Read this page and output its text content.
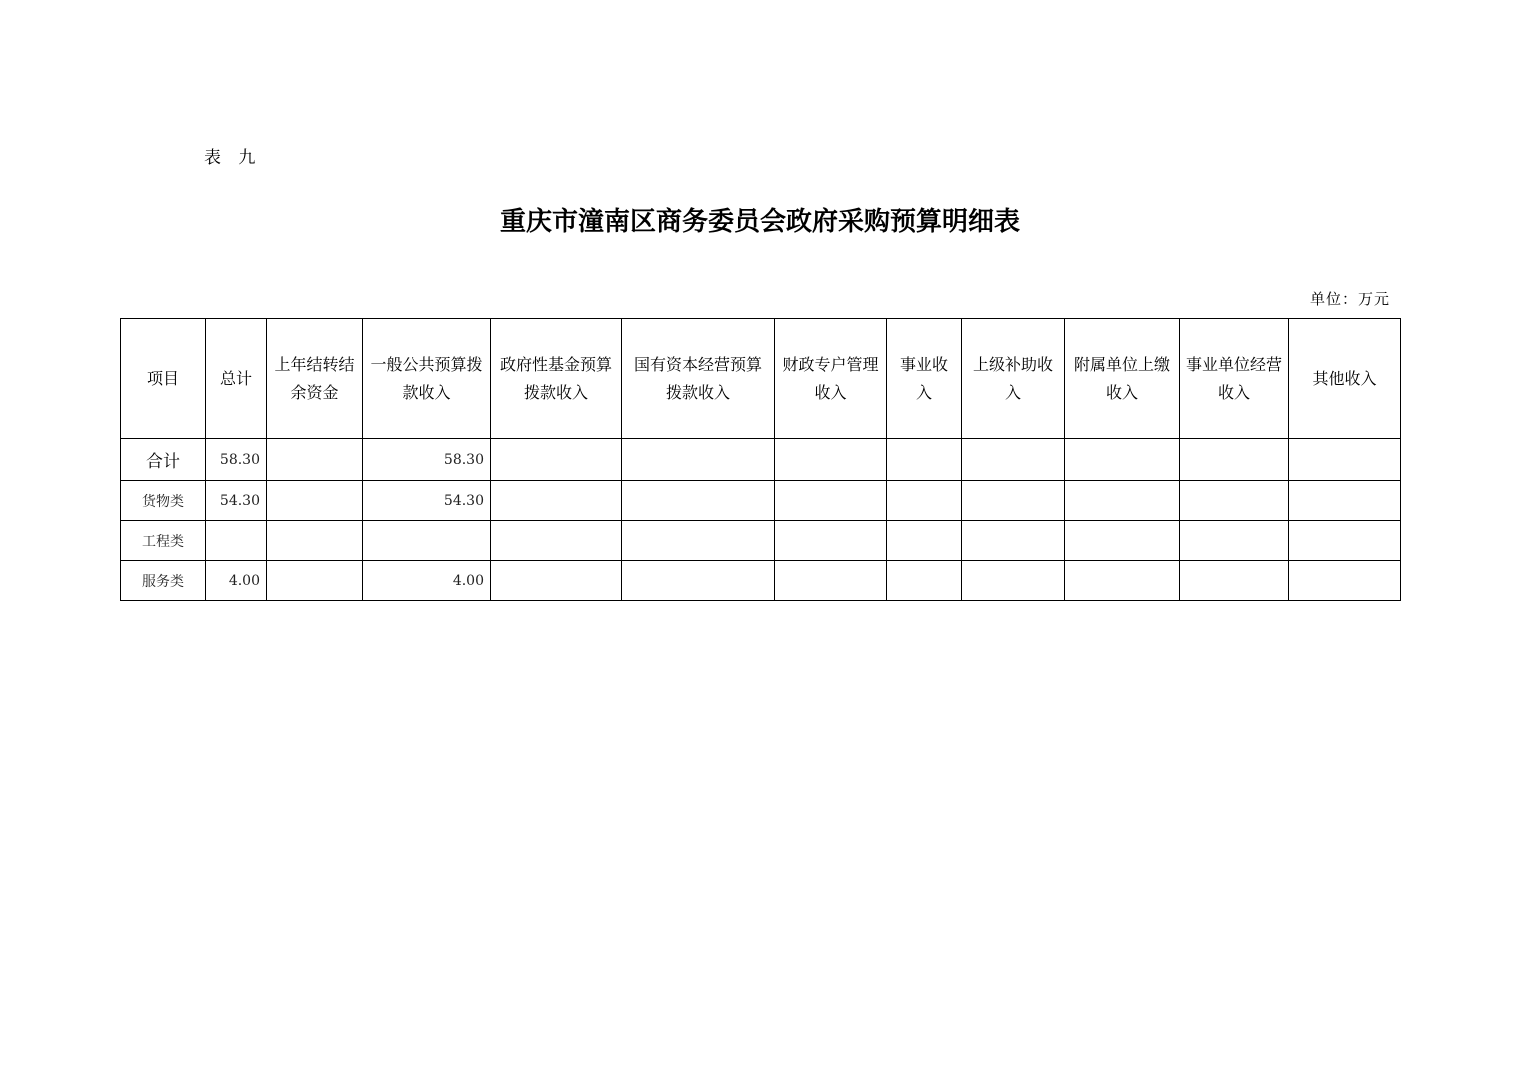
表 九
重庆市潼南区商务委员会政府采购预算明细表
单位：万元
项目	总计	上年结转结余资金	一般公共预算拨款收入	政府性基金预算拨款收入	国有资本经营预算拨款收入	财政专户管理收入	事业收入	上级补助收入	附属单位上缴收入	事业单位经营收入	其他收入
合计	58.30		58.30								
货物类	54.30		54.30								
工程类											
服务类	4.00		4.00								
